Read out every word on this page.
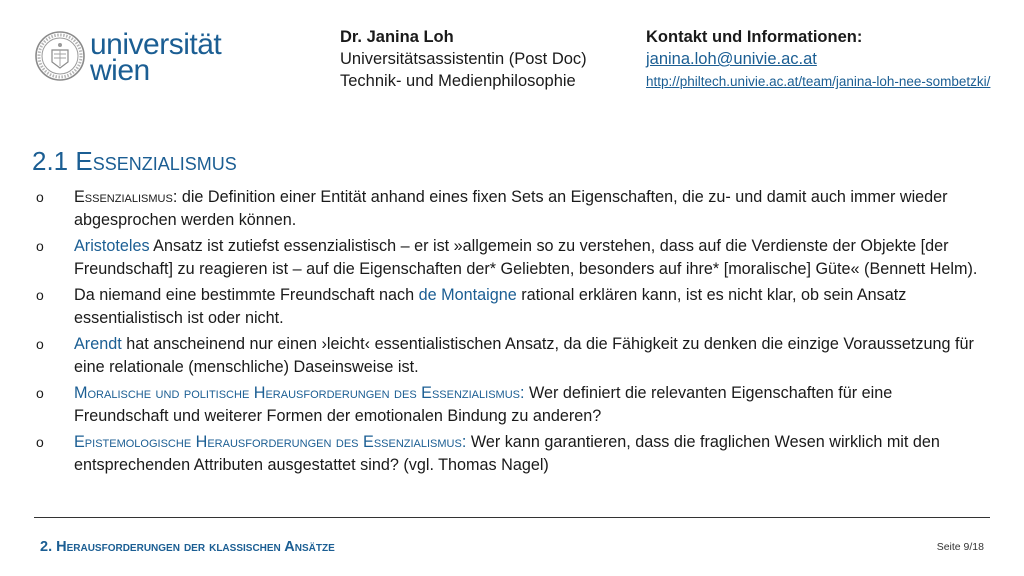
universität
wien
Dr. Janina Loh
Universitätsassistentin (Post Doc)
Technik- und Medienphilosophie
Kontakt und Informationen:
janina.loh@univie.ac.at
http://philtech.univie.ac.at/team/janina-loh-nee-sombetzki/
2.1 Essenzialismus
o Essenzialismus: die Definition einer Entität anhand eines fixen Sets an Eigenschaften, die zu- und damit auch immer wieder abgesprochen werden können.
o Aristoteles Ansatz ist zutiefst essenzialistisch – er ist »allgemein so zu verstehen, dass auf die Verdienste der Objekte [der Freundschaft] zu reagieren ist – auf die Eigenschaften der* Geliebten, besonders auf ihre* [moralische] Güte« (Bennett Helm).
o Da niemand eine bestimmte Freundschaft nach de Montaigne rational erklären kann, ist es nicht klar, ob sein Ansatz essentialistisch ist oder nicht.
o Arendt hat anscheinend nur einen ›leicht‹ essentialistischen Ansatz, da die Fähigkeit zu denken die einzige Voraussetzung für eine relationale (menschliche) Daseinsweise ist.
o Moralische und politische Herausforderungen des Essenzialismus: Wer definiert die relevanten Eigenschaften für eine Freundschaft und weiterer Formen der emotionalen Bindung zu anderen?
o Epistemologische Herausforderungen des Essenzialismus: Wer kann garantieren, dass die fraglichen Wesen wirklich mit den entsprechenden Attributen ausgestattet sind? (vgl. Thomas Nagel)
2. Herausforderungen der klassischen Ansätze	Seite 9/18
